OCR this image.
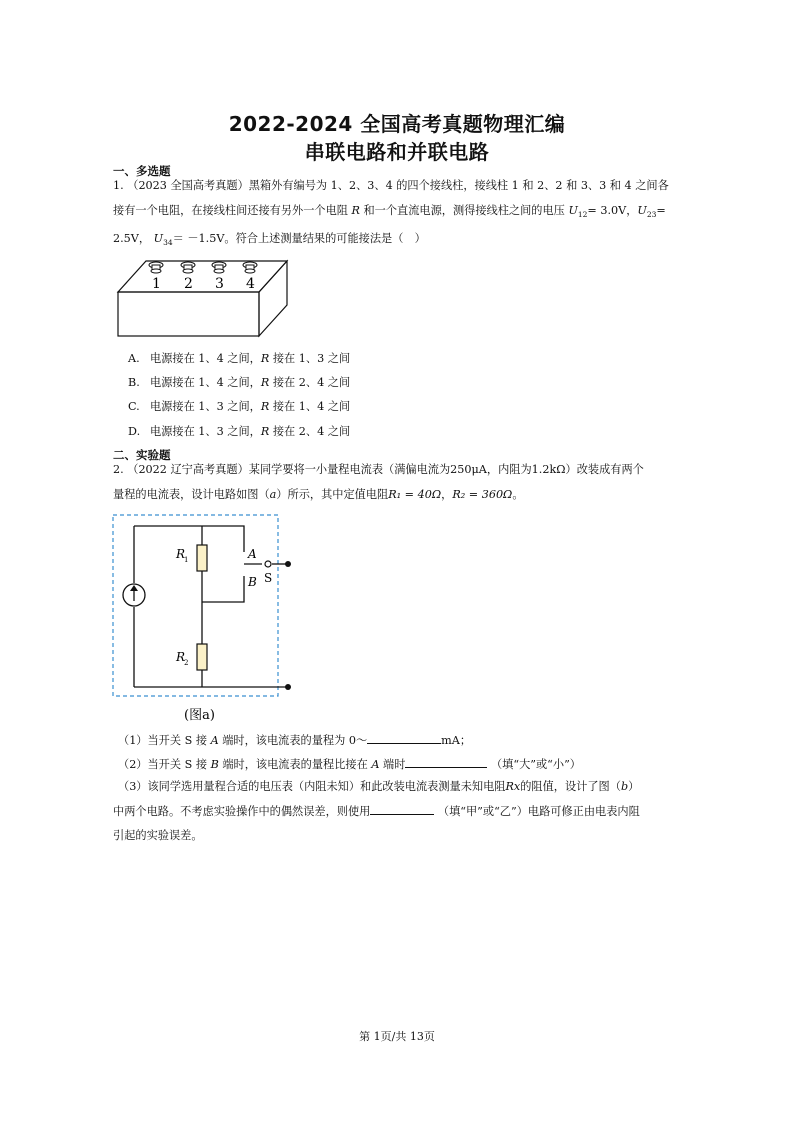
2022-2024 全国高考真题物理汇编
串联电路和并联电路
一、多选题
1. （2023 全国高考真题）黑箱外有编号为 1、2、3、4 的四个接线柱，接线柱 1 和 2、2 和 3、3 和 4 之间各
接有一个电阻，在接线柱间还接有另外一个电阻 R 和一个直流电源，测得接线柱之间的电压 $U_{12}= 3.0V$，$U_{23}=$
2.5V， $U_{34}= -1.5V$。符合上述测量结果的可能接法是（　）
1 2 3 4
A. 电源接在 1、4 之间，R 接在 1、3 之间
B. 电源接在 1、4 之间，R 接在 2、4 之间
C. 电源接在 1、3 之间，R 接在 1、4 之间
D. 电源接在 1、3 之间，R 接在 2、4 之间
二、实验题
2. （2022 辽宁高考真题）某同学要将一小量程电流表（满偏电流为250μA，内阻为1.2kΩ）改装成有两个
量程的电流表，设计电路如图（a）所示，其中定值电阻R₁ = 40Ω，R₂ = 360Ω。
R
1
R
2
A
B S
(图a)
（1）当开关 S 接 A 端时，该电流表的量程为 0～	mA；
（2）当开关 S 接 B 端时，该电流表的量程比接在 A 端时	（填“大”或“小”）
（3）该同学选用量程合适的电压表（内阻未知）和此改装电流表测量未知电阻Rx的阻值，设计了图（b）
中两个电路。不考虑实验操作中的偶然误差，则使用	（填“甲”或“乙”）电路可修正由电表内阻
引起的实验误差。
第 1页/共 13页
